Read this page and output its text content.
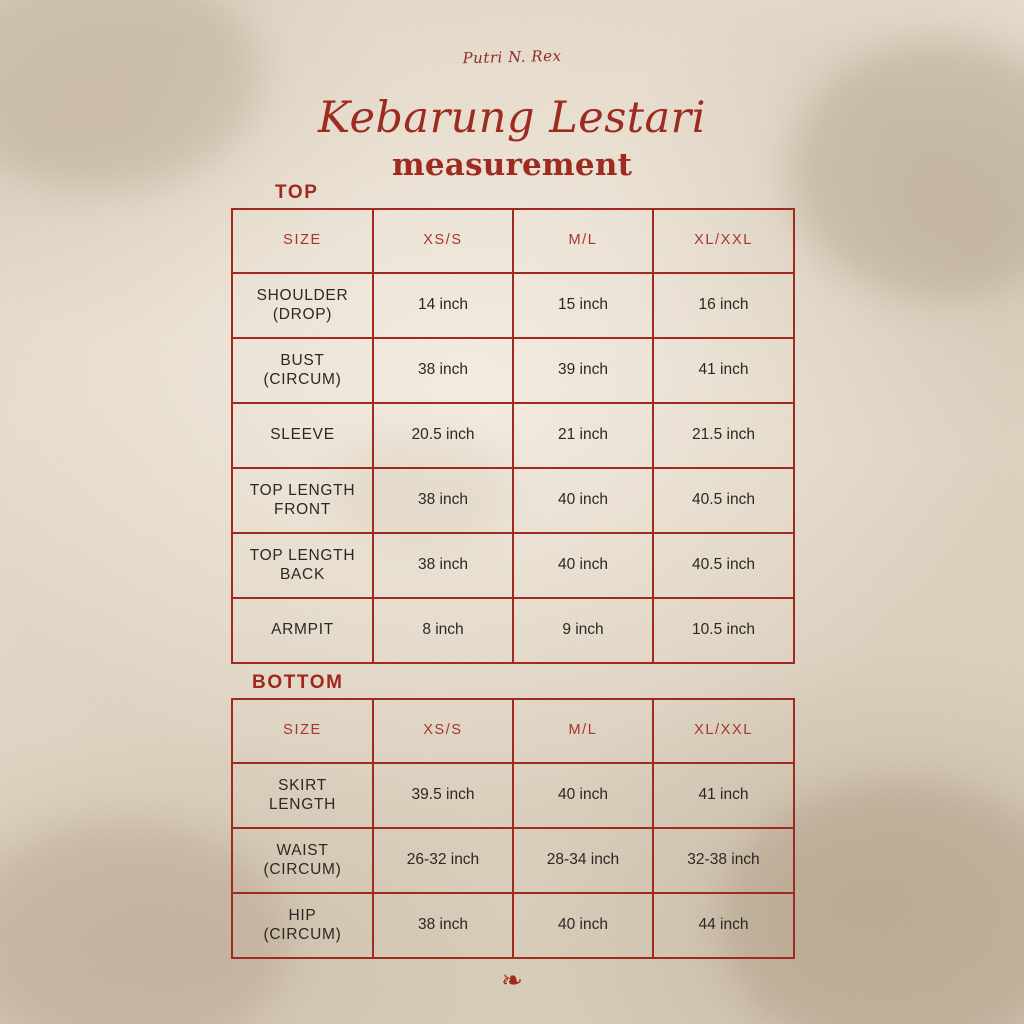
Putri N. Rex
Kebarung Lestari
measurement
TOP
SIZE	XS/S	M/L	XL/XXL
SHOULDER
(DROP)	14 inch	15 inch	16 inch
BUST
(CIRCUM)	38 inch	39 inch	41 inch
SLEEVE	20.5 inch	21 inch	21.5 inch
TOP LENGTH
FRONT	38 inch	40 inch	40.5 inch
TOP LENGTH
BACK	38 inch	40 inch	40.5 inch
ARMPIT	8 inch	9 inch	10.5 inch
BOTTOM
SIZE	XS/S	M/L	XL/XXL
SKIRT
LENGTH	39.5 inch	40 inch	41 inch
WAIST
(CIRCUM)	26-32 inch	28-34 inch	32-38 inch
HIP
(CIRCUM)	38 inch	40 inch	44 inch
❧
